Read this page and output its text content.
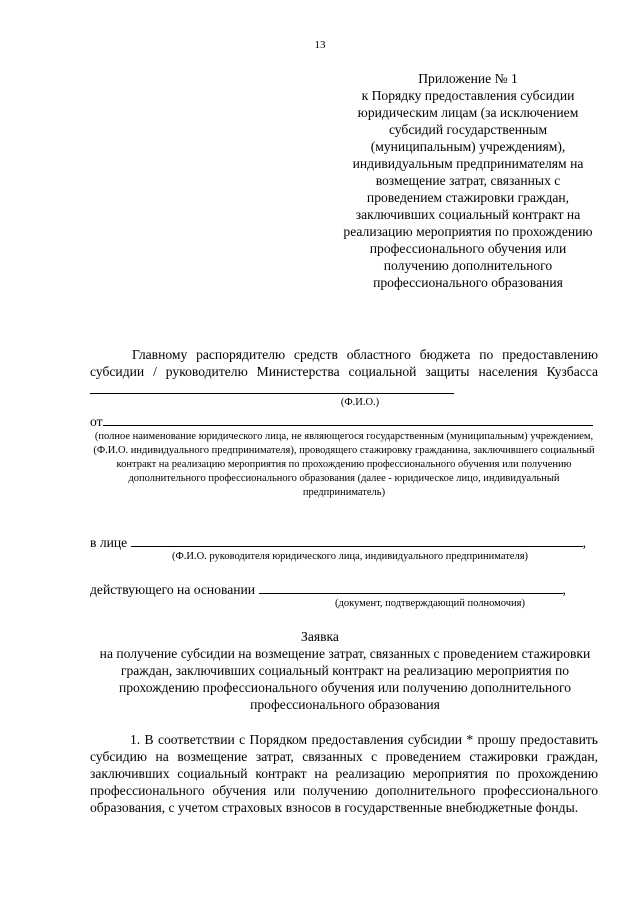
13
Приложение № 1
к Порядку предоставления субсидии юридическим лицам (за исключением субсидий государственным (муниципальным) учреждениям), индивидуальным предпринимателям на возмещение затрат, связанных с проведением стажировки граждан, заключивших социальный контракт на реализацию мероприятия по прохождению профессионального обучения или получению дополнительного профессионального образования
Главному распорядителю средств областного бюджета по предоставлению субсидии / руководителю Министерства социальной защиты населения Кузбасса
(Ф.И.О.)
от
(полное наименование юридического лица, не являющегося государственным (муниципальным) учреждением, (Ф.И.О. индивидуального предпринимателя), проводящего стажировку гражданина, заключившего социальный контракт на реализацию мероприятия по прохождению профессионального обучения или получению дополнительного профессионального образования (далее - юридическое лицо, индивидуальный предприниматель)
в лице	,
(Ф.И.О. руководителя юридического лица, индивидуального предпринимателя)
действующего на основании	,
(документ, подтверждающий полномочия)
Заявка
на получение субсидии на возмещение затрат, связанных с проведением стажировки граждан, заключивших социальный контракт на реализацию мероприятия по прохождению профессионального обучения или получению дополнительного профессионального образования
1. В соответствии с Порядком предоставления субсидии * прошу предоставить субсидию на возмещение затрат, связанных с проведением стажировки граждан, заключивших социальный контракт на реализацию мероприятия по прохождению профессионального обучения или получению дополнительного профессионального образования, с учетом страховых взносов в государственные внебюджетные фонды.
